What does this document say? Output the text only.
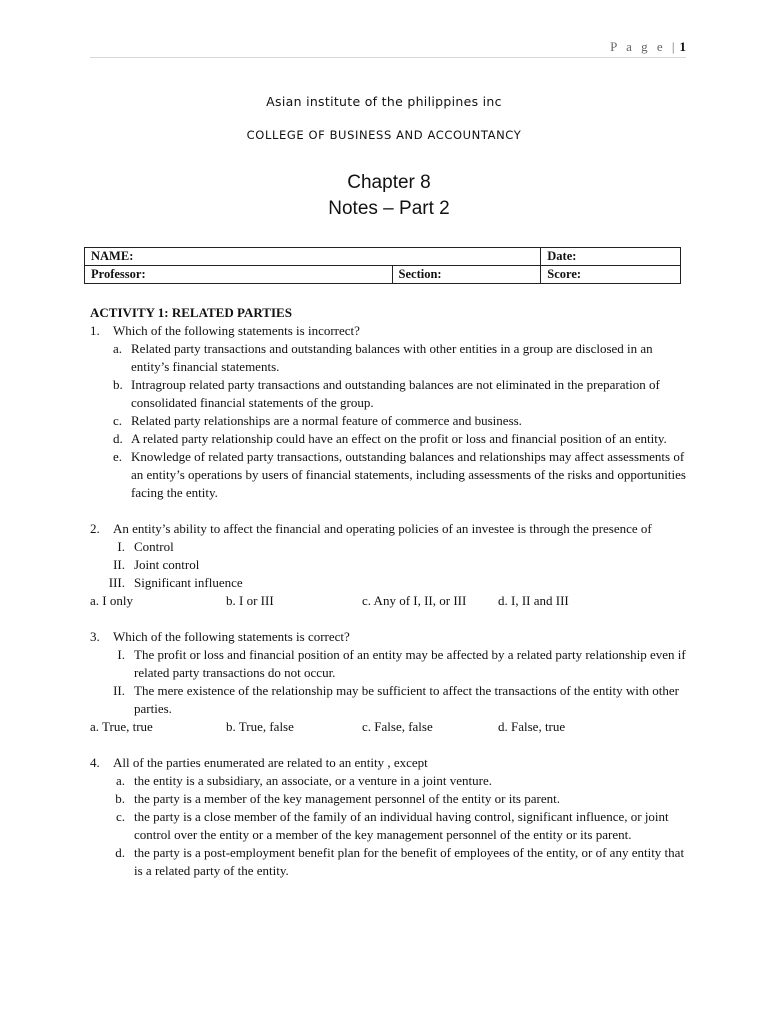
P a g e | 1
Asian institute of the philippines inc
COLLEGE OF BUSINESS AND ACCOUNTANCY
Chapter 8
Notes – Part 2
NAME:		Date:
Professor:	Section:	Score:
ACTIVITY 1: RELATED PARTIES
1.	Which of the following statements is incorrect?
a. Related party transactions and outstanding balances with other entities in a group are disclosed in an entity’s financial statements.
b. Intragroup related party transactions and outstanding balances are not eliminated in the preparation of consolidated financial statements of the group.
c. Related party relationships are a normal feature of commerce and business.
d. A related party relationship could have an effect on the profit or loss and financial position of an entity.
e. Knowledge of related party transactions, outstanding balances and relationships may affect assessments of an entity’s operations by users of financial statements, including assessments of the risks and opportunities facing the entity.
2.	An entity’s ability to affect the financial and operating policies of an investee is through the presence of
I. Control
II. Joint control
III. Significant influence
a. I only	b. I or III	c. Any of I, II, or III	d. I, II and III
3.	Which of the following statements is correct?
I. The profit or loss and financial position of an entity may be affected by a related party relationship even if related party transactions do not occur.
II. The mere existence of the relationship may be sufficient to affect the transactions of the entity with other parties.
a. True, true	b. True, false	c. False, false	d. False, true
4.	All of the parties enumerated are related to an entity , except
a. the entity is a subsidiary, an associate, or a venture in a joint venture.
b. the party is a member of the key management personnel of the entity or its parent.
c. the party is a close member of the family of an individual having control, significant influence, or joint control over the entity or a member of the key management personnel of the entity or its parent.
d. the party is a post-employment benefit plan for the benefit of employees of the entity, or of any entity that is a related party of the entity.
